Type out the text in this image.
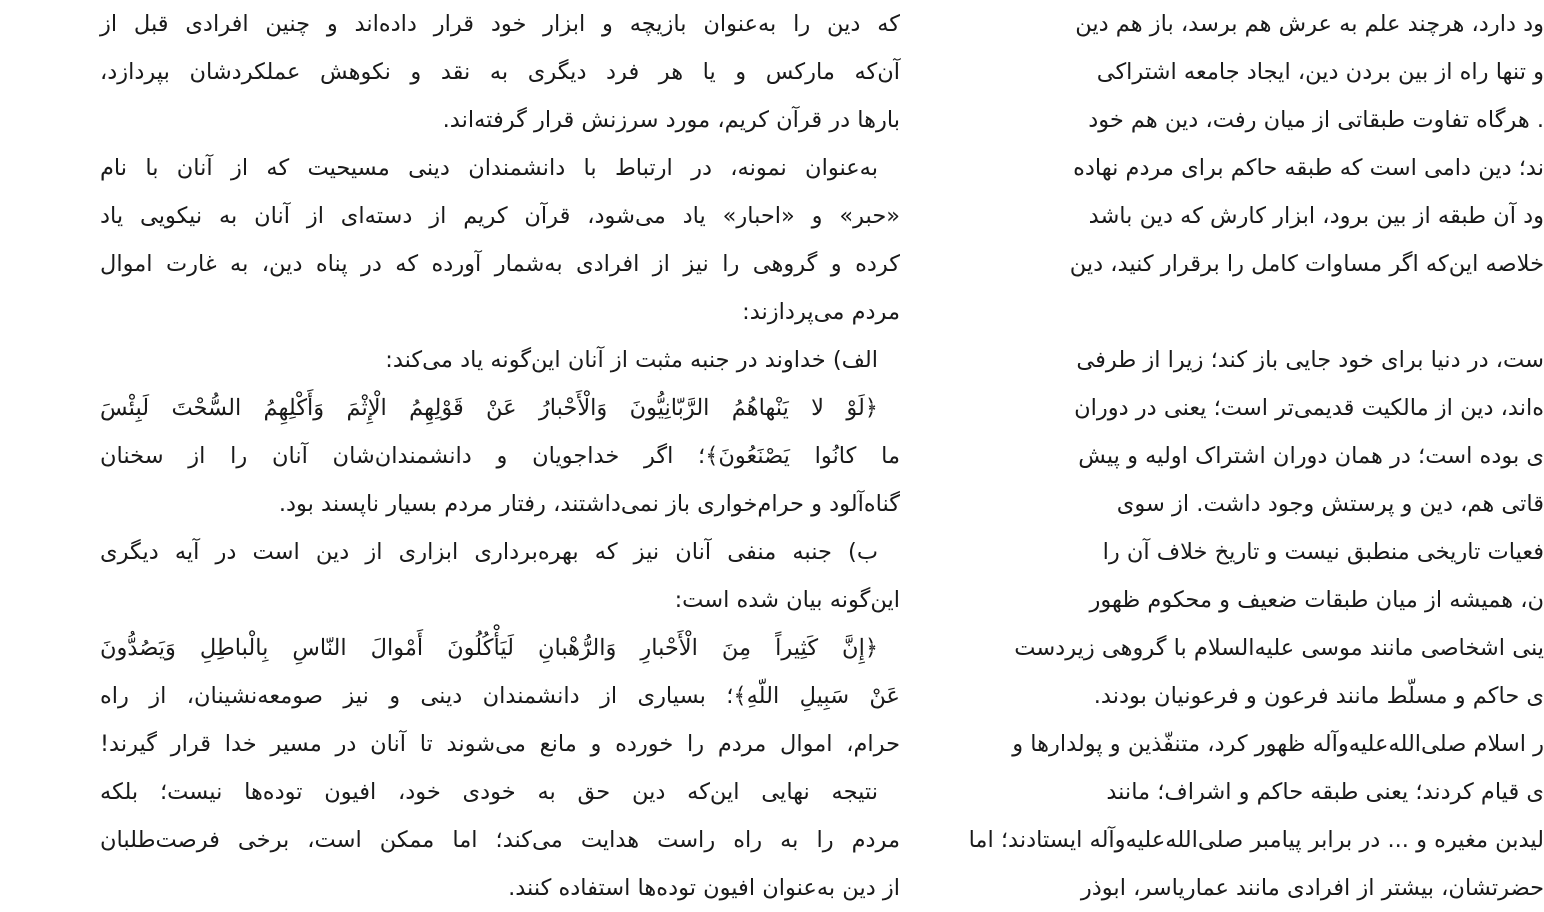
که دین را به‌عنوان بازیچه و ابزار خود قرار داده‌اند و چنین افرادی قبل از
آن‌که مارکس و یا هر فرد دیگری به نقد و نکوهش عملکردشان بپردازد،
بارها در قرآن کریم، مورد سرزنش قرار گرفته‌اند.
به‌عنوان نمونه، در ارتباط با دانشمندان دینی مسیحیت که از آنان با نام
«حبر» و «احبار» یاد می‌شود، قرآن کریم از دسته‌ای از آنان به نیکویی یاد
کرده و گروهی را نیز از افرادی به‌شمار آورده که در پناه دین، به غارت اموال
مردم می‌پردازند:
الف) خداوند در جنبه مثبت از آنان این‌گونه یاد می‌کند:
﴿لَوْ لا يَنْهاهُمُ الرَّبّانِيُّونَ وَالْأَحْبارُ عَنْ قَوْلِهِمُ الْإِثْمَ وَأَكْلِهِمُ السُّحْتَ لَبِئْسَ
ما كانُوا يَصْنَعُونَ﴾؛ اگر خداجویان و دانشمندان‌شان آنان را از سخنان
گناه‌آلود و حرام‌خواری باز نمی‌داشتند، رفتار مردم بسیار ناپسند بود.
ب) جنبه منفی آنان نیز که بهره‌برداری ابزاری از دین است در آیه دیگری
این‌گونه بیان شده است:
﴿إِنَّ كَثِيراً مِنَ الْأَحْبارِ وَالرُّهْبانِ لَيَأْكُلُونَ أَمْوالَ النّاسِ بِالْباطِلِ وَيَصُدُّونَ
عَنْ سَبِيلِ اللّهِ﴾؛ بسیاری از دانشمندان دینی و نیز صومعه‌نشینان، از راه
حرام، اموال مردم را خورده و مانع می‌شوند تا آنان در مسیر خدا قرار گیرند!
نتیجه نهایی این‌که دین حق به خودی خود، افیون توده‌ها نیست؛ بلکه
مردم را به راه راست هدایت می‌کند؛ اما ممکن است، برخی فرصت‌طلبان
از دین به‌عنوان افیون توده‌ها استفاده کنند.
ود دارد، هرچند علم به عرش هم برسد، باز هم دین
و تنها راه از بین بردن دین، ایجاد جامعه اشتراکی
. هرگاه تفاوت طبقاتی از میان رفت، دین هم خود
ند؛ دین دامی است که طبقه حاکم برای مردم نهاده
ود آن طبقه از بین برود، ابزار کارش که دین باشد
خلاصه این‌که اگر مساوات کامل را برقرار کنید، دین
ست، در دنیا برای خود جایی باز کند؛ زیرا از طرفی
ه‌اند، دین از مالکیت قدیمی‌تر است؛ یعنی در دوران
ی بوده است؛ در همان دوران اشتراک اولیه و پیش
قاتی هم، دین و پرستش وجود داشت. از سوی
فعیات تاریخی منطبق نیست و تاریخ خلاف آن را
ن، همیشه از میان طبقات ضعیف و محکوم ظهور
ینی اشخاصی مانند موسی عليه‌السلام با گروهی زیردست
ی حاکم و مسلّط مانند فرعون و فرعونیان بودند.
ر اسلام صلى‌الله‌عليه‌وآله ظهور کرد، متنفّذین و پولدارها و
ی قیام کردند؛ یعنی طبقه حاکم و اشراف؛ مانند
لیدبن مغیره و ... در برابر پیامبر صلى‌الله‌عليه‌وآله ایستادند؛ اما
حضرتشان، بیشتر از افرادی مانند عماریاسر، ابوذر
